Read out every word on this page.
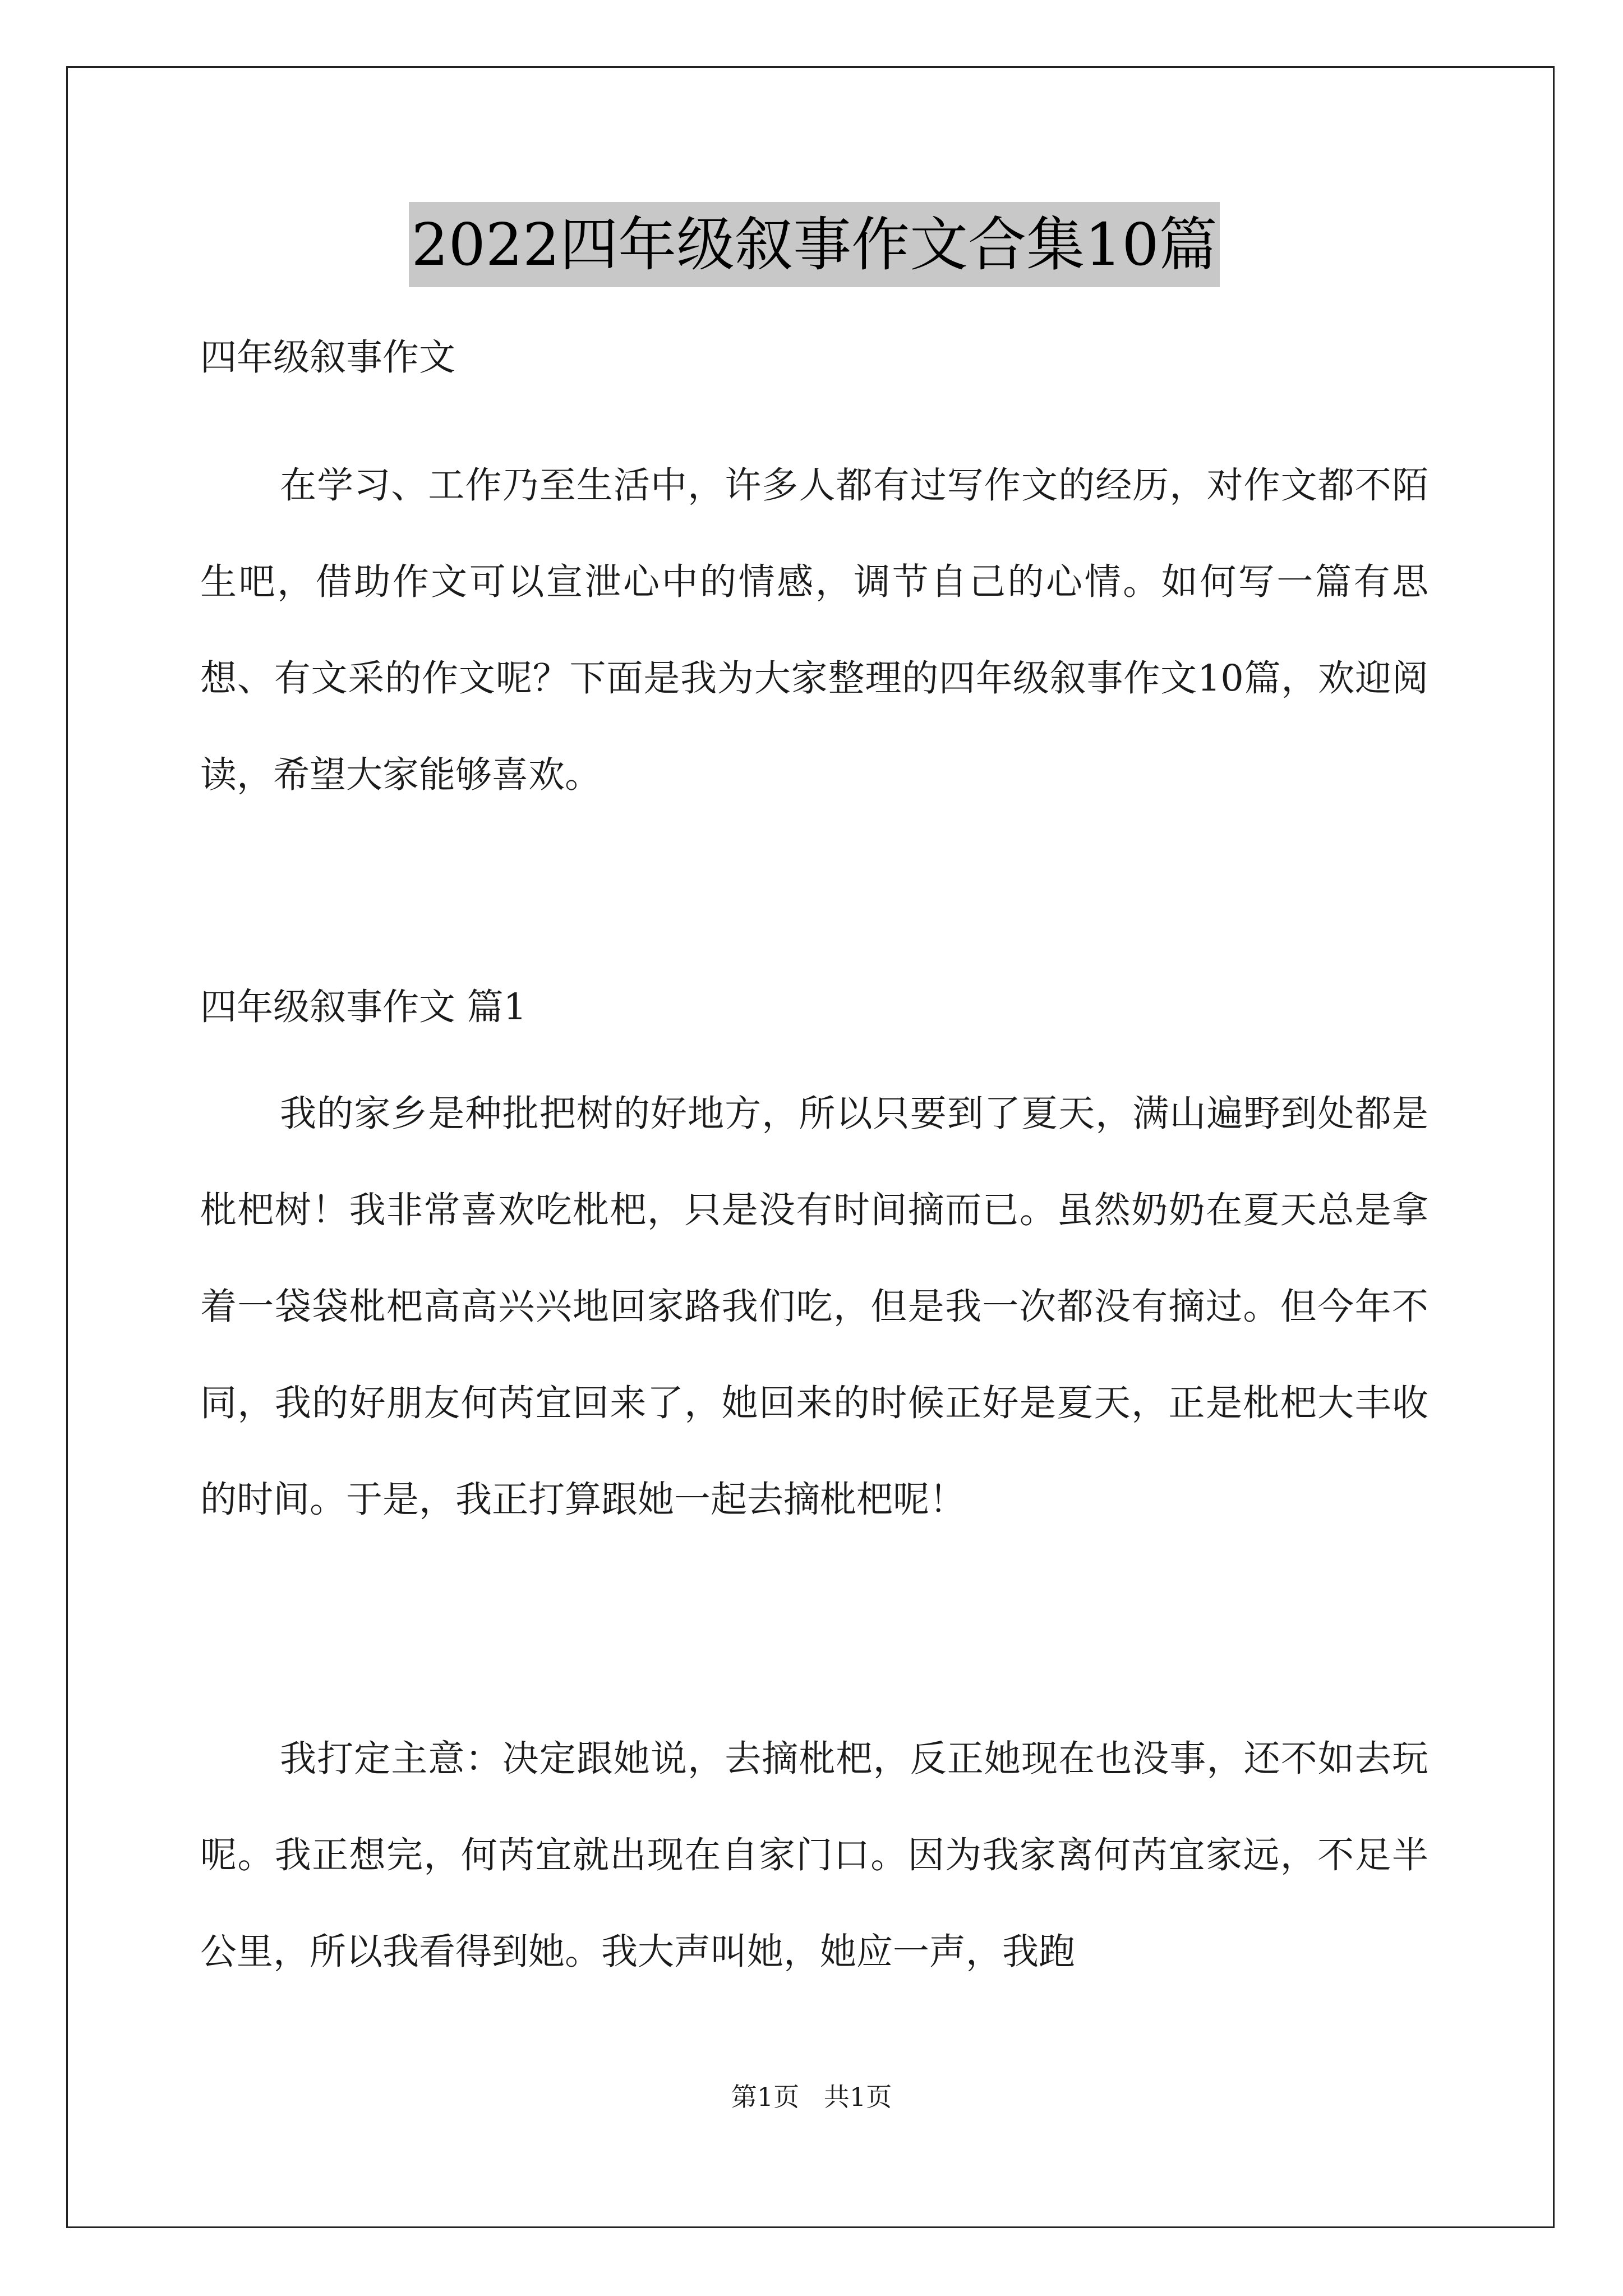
2022四年级叙事作文合集10篇

四年级叙事作文

在学习、工作乃至生活中，许多人都有过写作文的经历，对作文都不陌生吧，借助作文可以宣泄心中的情感，调节自己的心情。如何写一篇有思想、有文采的作文呢？下面是我为大家整理的四年级叙事作文10篇，欢迎阅读，希望大家能够喜欢。

四年级叙事作文 篇1

我的家乡是种批把树的好地方，所以只要到了夏天，满山遍野到处都是枇杷树！我非常喜欢吃枇杷，只是没有时间摘而已。虽然奶奶在夏天总是拿着一袋袋枇杷高高兴兴地回家路我们吃，但是我一次都没有摘过。但今年不同，我的好朋友何芮宜回来了，她回来的时候正好是夏天，正是枇杷大丰收的时间。于是，我正打算跟她一起去摘枇杷呢！

我打定主意：决定跟她说，去摘枇杷，反正她现在也没事，还不如去玩呢。我正想完，何芮宜就出现在自家门口。因为我家离何芮宜家远，不足半公里，所以我看得到她。我大声叫她，她应一声，我跑

第1页   共1页
